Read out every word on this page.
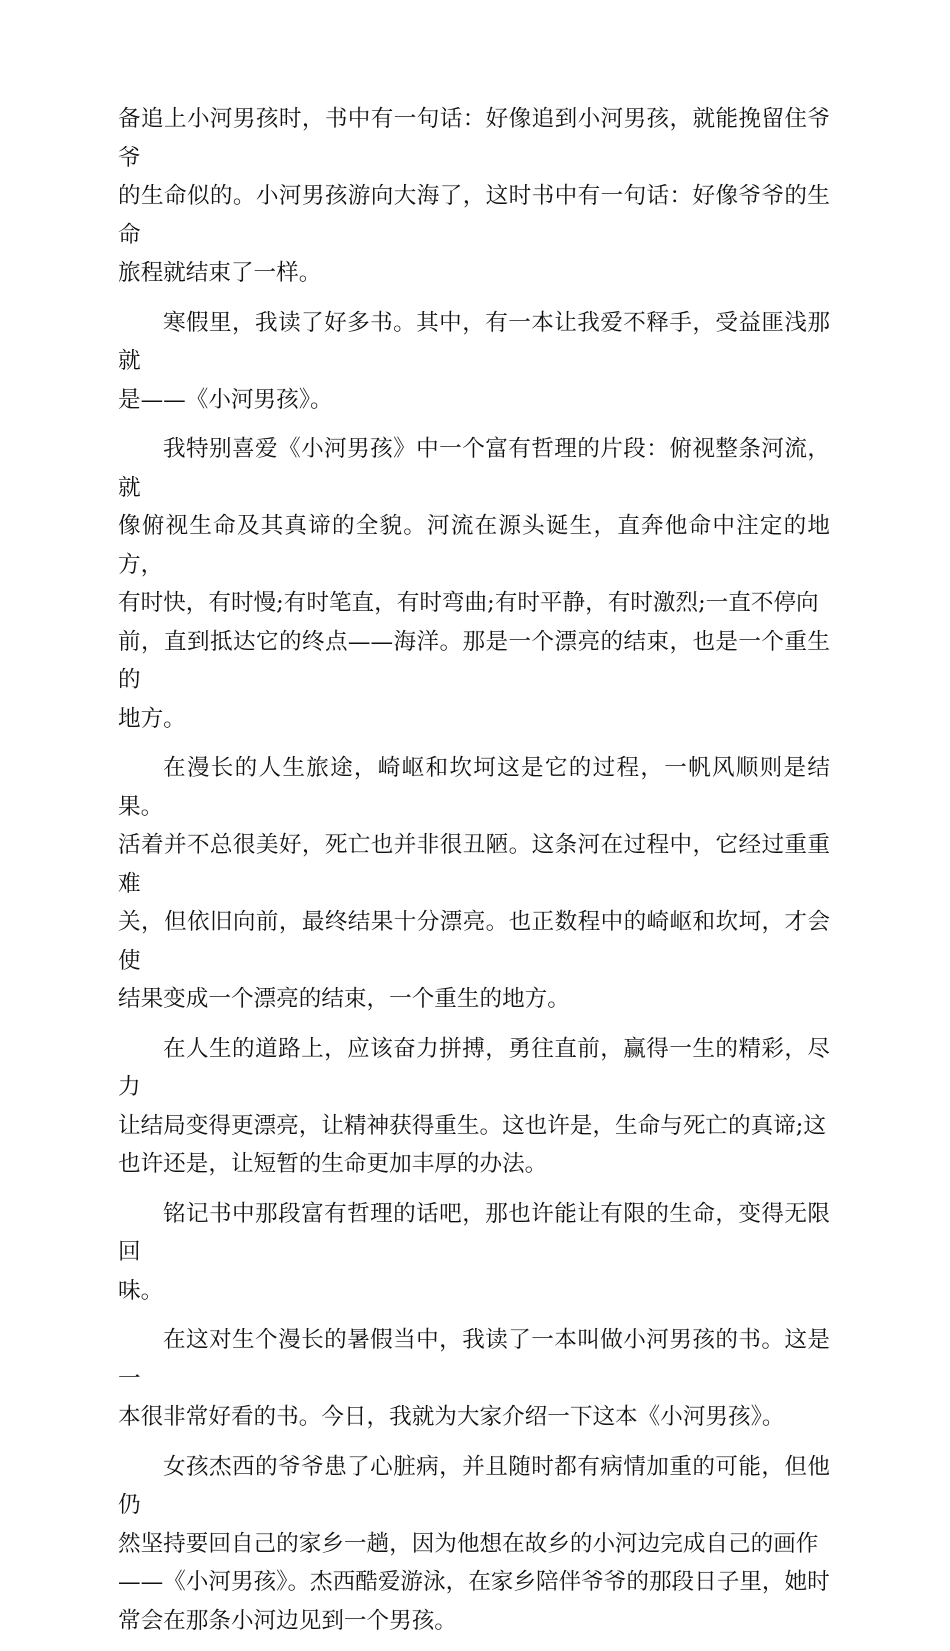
备追上小河男孩时，书中有一句话：好像追到小河男孩，就能挽留住爷爷
的生命似的。小河男孩游向大海了，这时书中有一句话：好像爷爷的生命
旅程就结束了一样。

寒假里，我读了好多书。其中，有一本让我爱不释手，受益匪浅那就
是——《小河男孩》。

我特别喜爱《小河男孩》中一个富有哲理的片段：俯视整条河流，就
像俯视生命及其真谛的全貌。河流在源头诞生，直奔他命中注定的地方，
有时快，有时慢;有时笔直，有时弯曲;有时平静，有时激烈;一直不停向
前，直到抵达它的终点——海洋。那是一个漂亮的结束，也是一个重生的
地方。

在漫长的人生旅途，崎岖和坎坷这是它的过程，一帆风顺则是结果。
活着并不总很美好，死亡也并非很丑陋。这条河在过程中，它经过重重难
关，但依旧向前，最终结果十分漂亮。也正数程中的崎岖和坎坷，才会使
结果变成一个漂亮的结束，一个重生的地方。

在人生的道路上，应该奋力拼搏，勇往直前，赢得一生的精彩，尽力
让结局变得更漂亮，让精神获得重生。这也许是，生命与死亡的真谛;这
也许还是，让短暂的生命更加丰厚的办法。

铭记书中那段富有哲理的话吧，那也许能让有限的生命，变得无限回
味。

在这对生个漫长的暑假当中，我读了一本叫做小河男孩的书。这是一
本很非常好看的书。今日，我就为大家介绍一下这本《小河男孩》。

女孩杰西的爷爷患了心脏病，并且随时都有病情加重的可能，但他仍
然坚持要回自己的家乡一趟，因为他想在故乡的小河边完成自己的画作
——《小河男孩》。杰西酷爱游泳，在家乡陪伴爷爷的那段日子里，她时
常会在那条小河边见到一个男孩。
